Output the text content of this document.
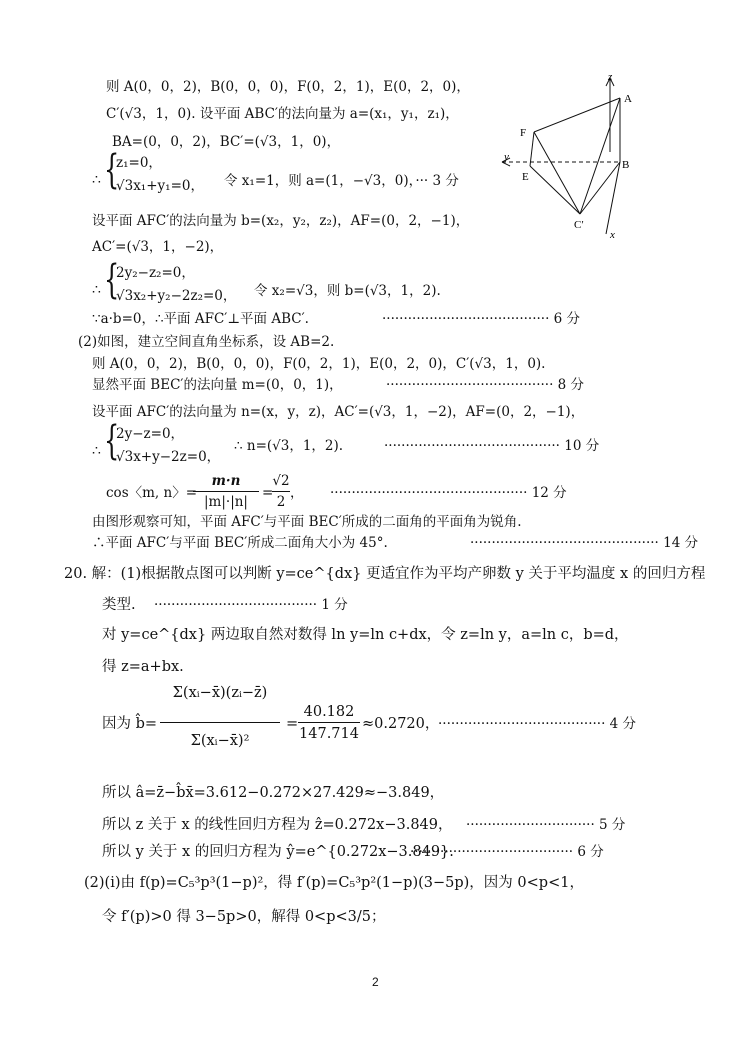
则 A(0，0，2)，B(0，0，0)，F(0，2，1)，E(0，2，0)，
C′(√3，1，0). 设平面 ABC′的法向量为 a=(x₁，y₁，z₁)，
BA=(0，0，2)，BC′=(√3，1，0)，
∴ {
z₁=0，
√3x₁+y₁=0， 令 x₁=1，则 a=(1，−√3，0)，··· 3 分
设平面 AFC′的法向量为 b=(x₂，y₂，z₂)，AF=(0，2，−1)，
AC′=(√3，1，−2)，
∴ {
2y₂−z₂=0，
√3x₂+y₂−2z₂=0， 令 x₂=√3，则 b=(√3，1，2).
∵a·b=0，∴平面 AFC′⊥平面 ABC′.	······································· 6 分
(2)如图，建立空间直角坐标系，设 AB=2.
则 A(0，0，2)，B(0，0，0)，F(0，2，1)，E(0，2，0)，C′(√3，1，0).
显然平面 BEC′的法向量 m=(0，0，1)，	······································· 8 分
设平面 AFC′的法向量为 n=(x，y，z)，AC′=(√3，1，−2)，AF=(0，2，−1)，
∴ {
2y−z=0，
√3x+y−2z=0，
∴ n=(√3，1，2).	········································· 10 分
cos〈m, n〉=
m·n
|m|·|n|
=
√2
2
， ·············································· 12 分
由图形观察可知，平面 AFC′与平面 BEC′所成的二面角的平面角为锐角.
∴平面 AFC′与平面 BEC′所成二面角大小为 45°.	············································ 14 分
20. 解：(1)根据散点图可以判断 y=ce^{dx} 更适宜作为平均产卵数 y 关于平均温度 x 的回归方程
类型. ······································ 1 分
对 y=ce^{dx} 两边取自然对数得 ln y=ln c+dx，令 z=ln y，a=ln c，b=d，
得 z=a+bx.
因为 b̂=
Σ(xᵢ−x̄)(zᵢ−z̄)
Σ(xᵢ−x̄)²
=
40.182
147.714
≈0.2720，
······································· 4 分
所以 â=z̄−b̂x̄=3.612−0.272×27.429≈−3.849，
所以 z 关于 x 的线性回归方程为 ẑ=0.272x−3.849， ······························ 5 分
所以 y 关于 x 的回归方程为 ŷ=e^{0.272x−3.849}.
······································ 6 分
(2)(ⅰ)由 f(p)=C₅³p³(1−p)²，得 f′(p)=C₅³p²(1−p)(3−5p)，因为 0<p<1，
令 f′(p)>0 得 3−5p>0，解得 0<p<3/5；
2
z
A
B
F
E
C′
y
x
